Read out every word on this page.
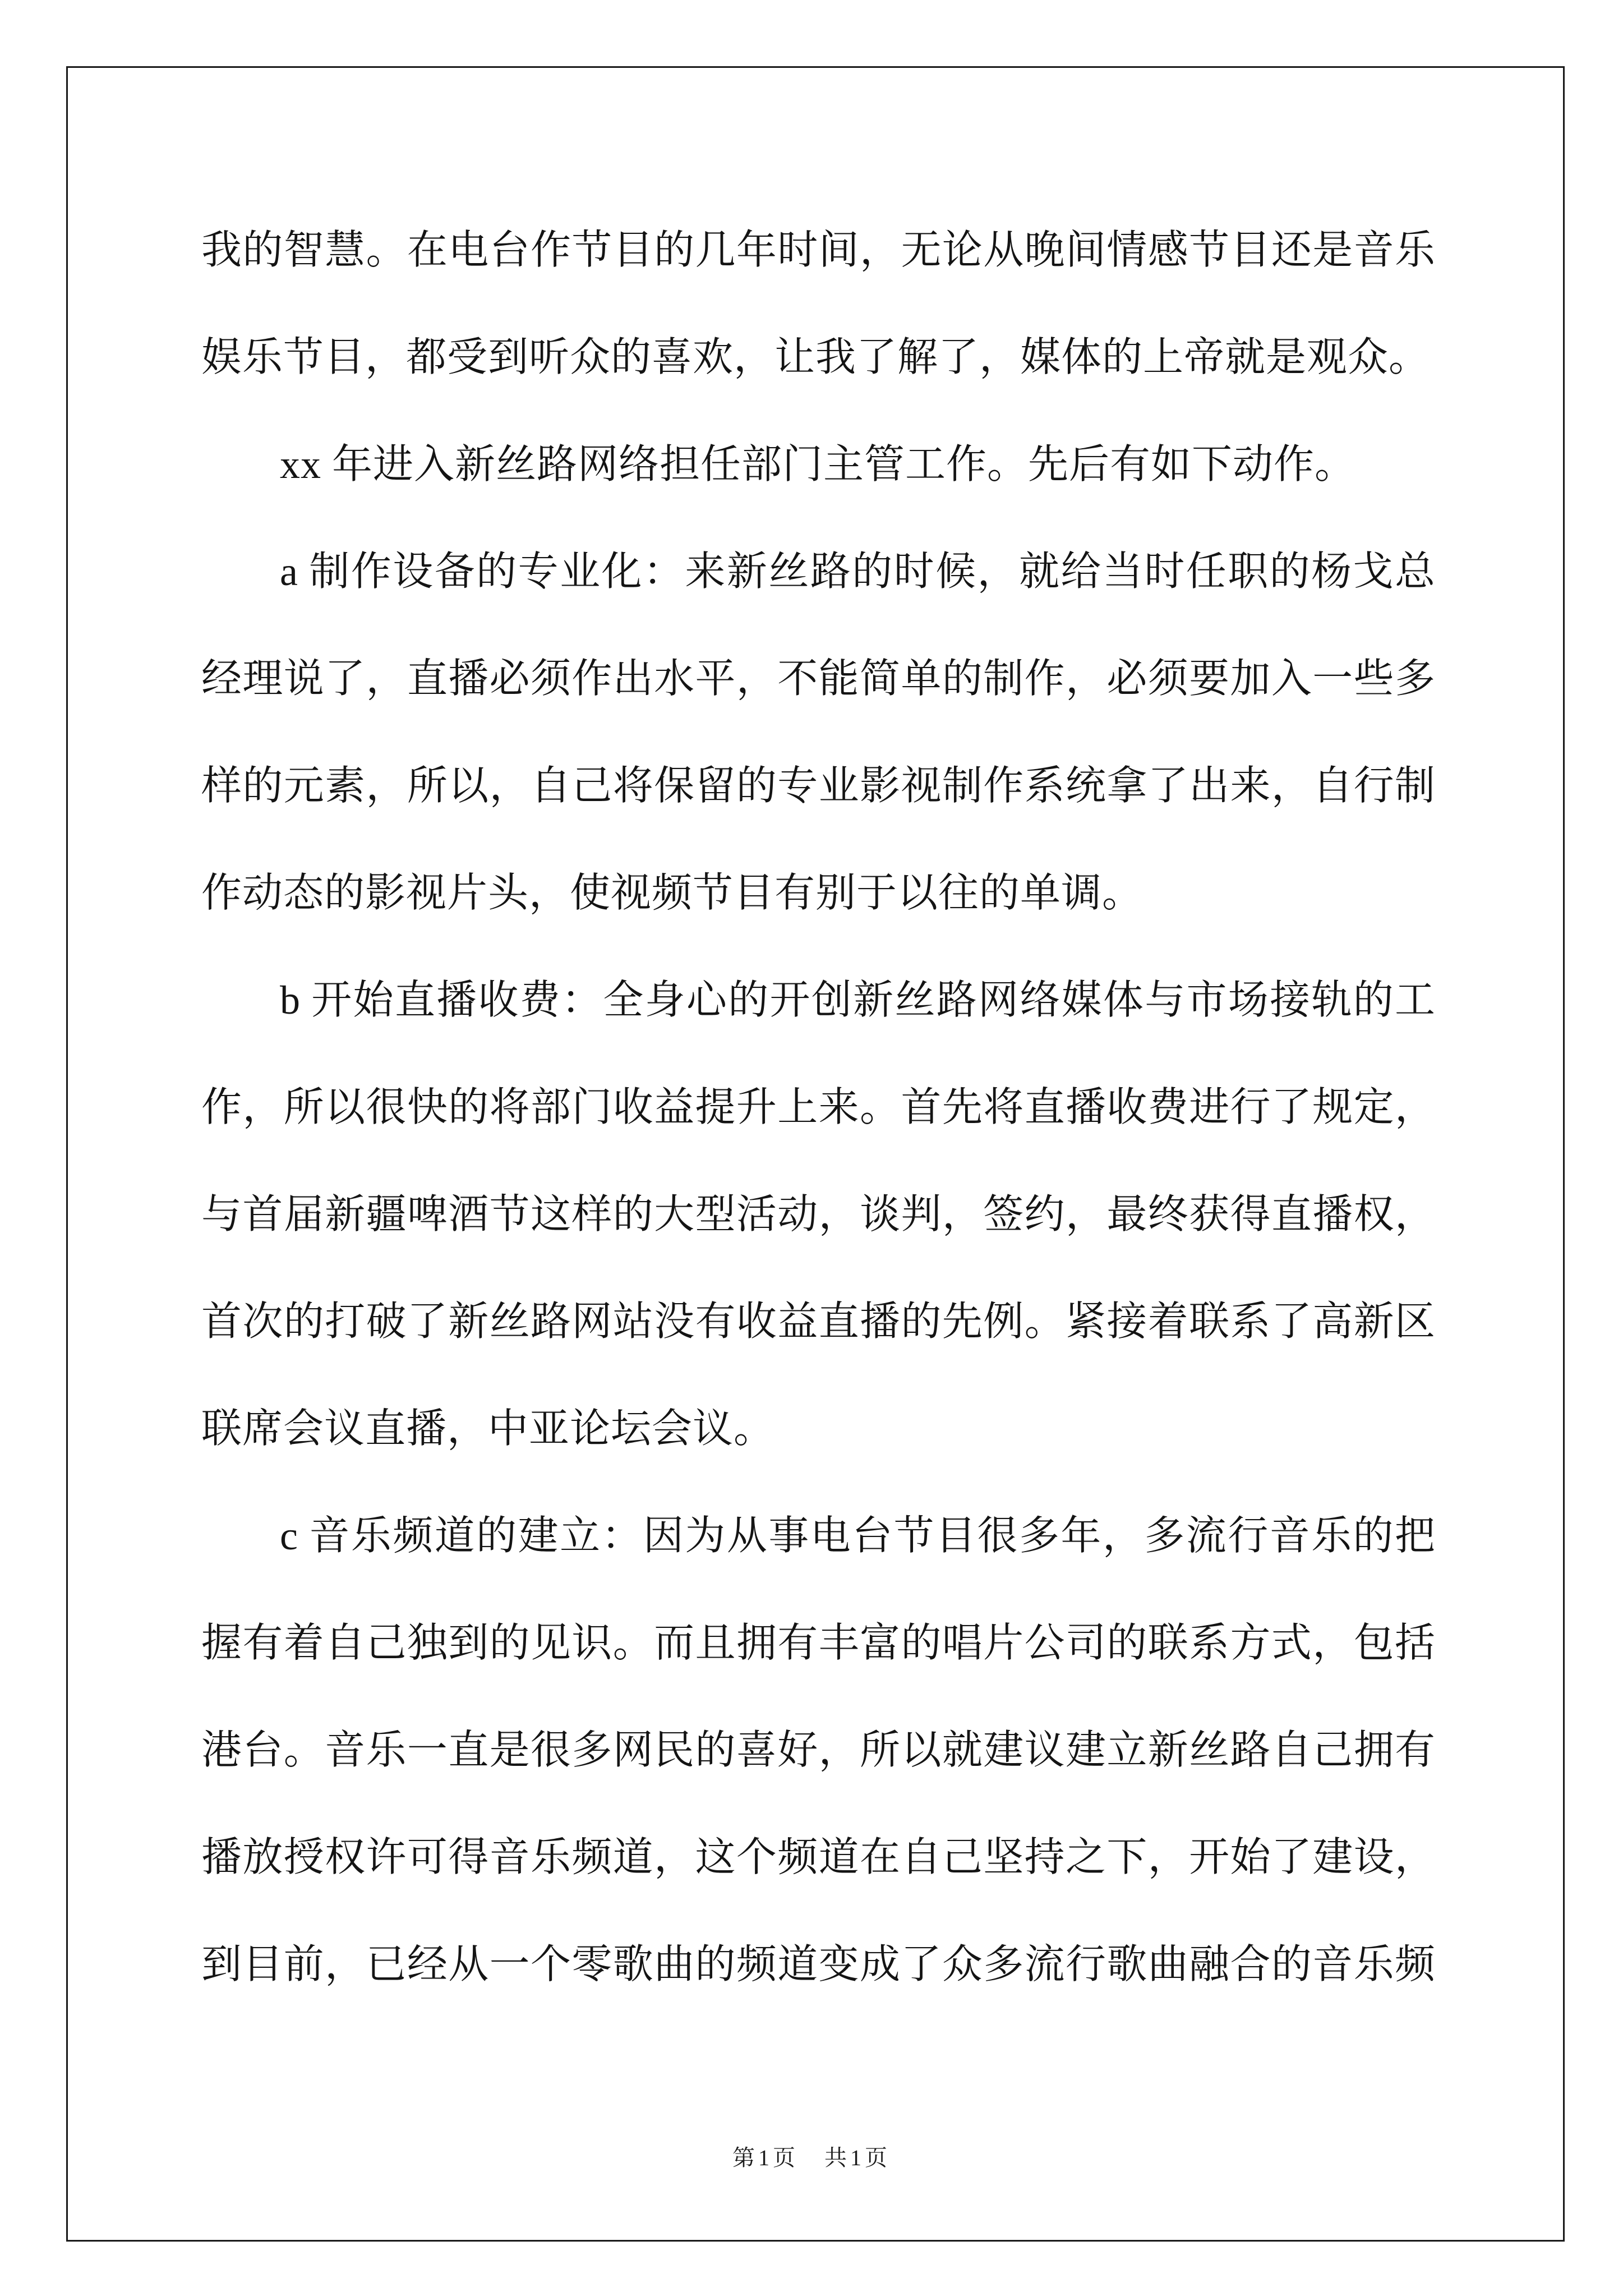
我的智慧。在电台作节目的几年时间，无论从晚间情感节目还是音乐
娱乐节目，都受到听众的喜欢，让我了解了，媒体的上帝就是观众。
xx 年进入新丝路网络担任部门主管工作。先后有如下动作。
a 制作设备的专业化：来新丝路的时候，就给当时任职的杨戈总
经理说了，直播必须作出水平，不能简单的制作，必须要加入一些多
样的元素，所以，自己将保留的专业影视制作系统拿了出来，自行制
作动态的影视片头，使视频节目有别于以往的单调。
b 开始直播收费：全身心的开创新丝路网络媒体与市场接轨的工
作，所以很快的将部门收益提升上来。首先将直播收费进行了规定，
与首届新疆啤酒节这样的大型活动，谈判，签约，最终获得直播权，
首次的打破了新丝路网站没有收益直播的先例。紧接着联系了高新区
联席会议直播，中亚论坛会议。
c 音乐频道的建立：因为从事电台节目很多年，多流行音乐的把
握有着自己独到的见识。而且拥有丰富的唱片公司的联系方式，包括
港台。音乐一直是很多网民的喜好，所以就建议建立新丝路自己拥有
播放授权许可得音乐频道，这个频道在自己坚持之下，开始了建设，
到目前，已经从一个零歌曲的频道变成了众多流行歌曲融合的音乐频
第1页 共1页
